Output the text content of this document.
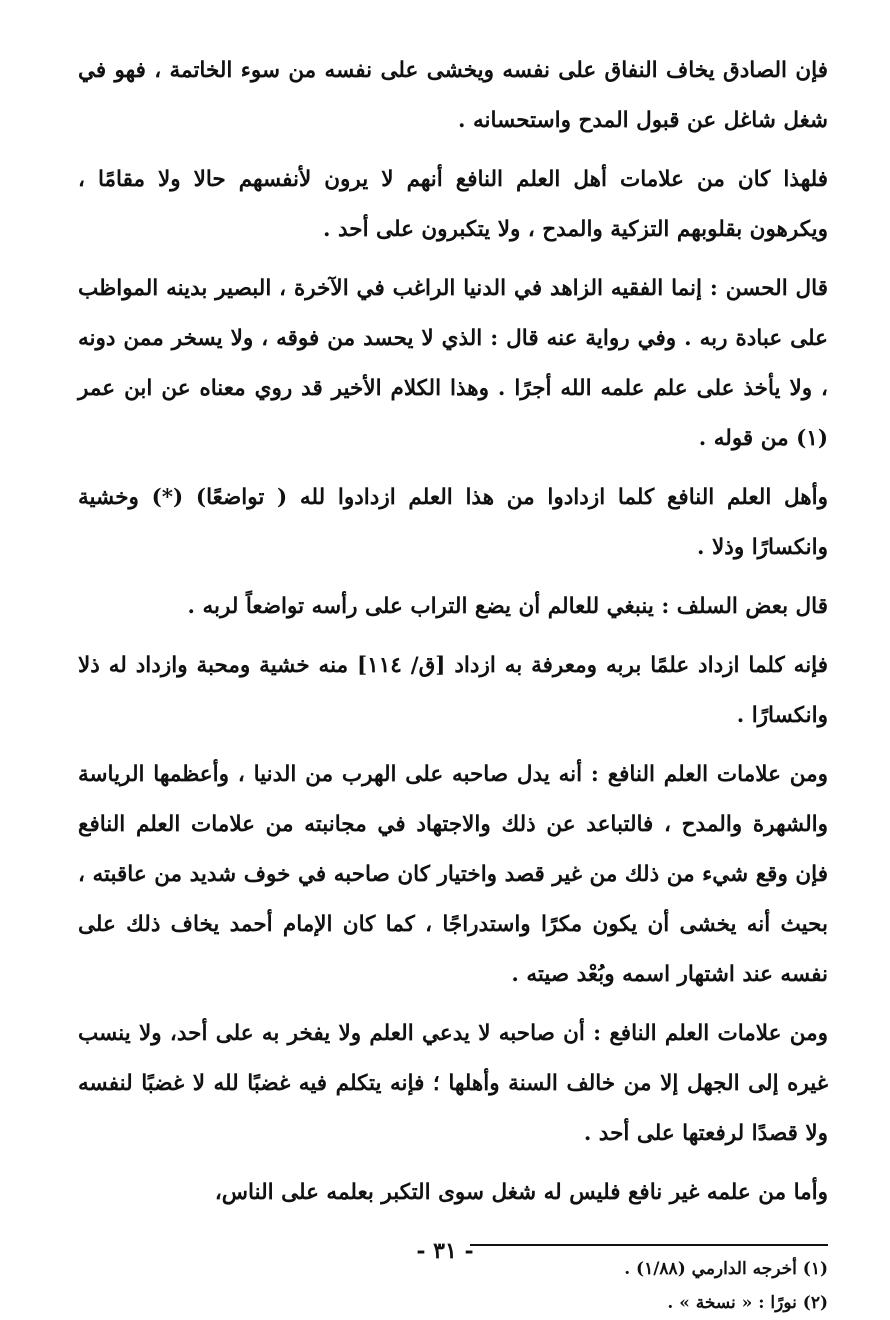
فإن الصادق يخاف النفاق على نفسه ويخشى على نفسه من سوء الخاتمة ، فهو في شغل شاغل عن قبول المدح واستحسانه .

فلهذا كان من علامات أهل العلم النافع أنهم لا يرون لأنفسهم حالا ولا مقامًا ، ويكرهون بقلوبهم التزكية والمدح ، ولا يتكبرون على أحد .

قال الحسن : إنما الفقيه الزاهد في الدنيا الراغب في الآخرة ، البصير بدينه المواظب على عبادة ربه . وفي رواية عنه قال : الذي لا يحسد من فوقه ، ولا يسخر ممن دونه ، ولا يأخذ على علم علمه الله أجرًا . وهذا الكلام الأخير قد روي معناه عن ابن عمر (١) من قوله .

وأهل العلم النافع كلما ازدادوا من هذا العلم ازدادوا لله ( تواضعًا) (*) وخشية وانكسارًا وذلا .

قال بعض السلف : ينبغي للعالم أن يضع التراب على رأسه تواضعاً لربه .

فإنه كلما ازداد علمًا بربه ومعرفة به ازداد [ق/ ١١٤] منه خشية ومحبة وازداد له ذلا وانكسارًا .

ومن علامات العلم النافع : أنه يدل صاحبه على الهرب من الدنيا ، وأعظمها الرياسة والشهرة والمدح ، فالتباعد عن ذلك والاجتهاد في مجانبته من علامات العلم النافع فإن وقع شيء من ذلك من غير قصد واختيار كان صاحبه في خوف شديد من عاقبته ، بحيث أنه يخشى أن يكون مكرًا واستدراجًا ، كما كان الإمام أحمد يخاف ذلك على نفسه عند اشتهار اسمه وبُعْد صيته .

ومن علامات العلم النافع : أن صاحبه لا يدعي العلم ولا يفخر به على أحد، ولا ينسب غيره إلى الجهل إلا من خالف السنة وأهلها ؛ فإنه يتكلم فيه غضبًا لله لا غضبًا لنفسه ولا قصدًا لرفعتها على أحد .

وأما من علمه غير نافع فليس له شغل سوى التكبر بعلمه على الناس،

(١) أخرجه الدارمي (١/٨٨) .
(٢) نورًا : « نسخة » .
- ٣١ -
